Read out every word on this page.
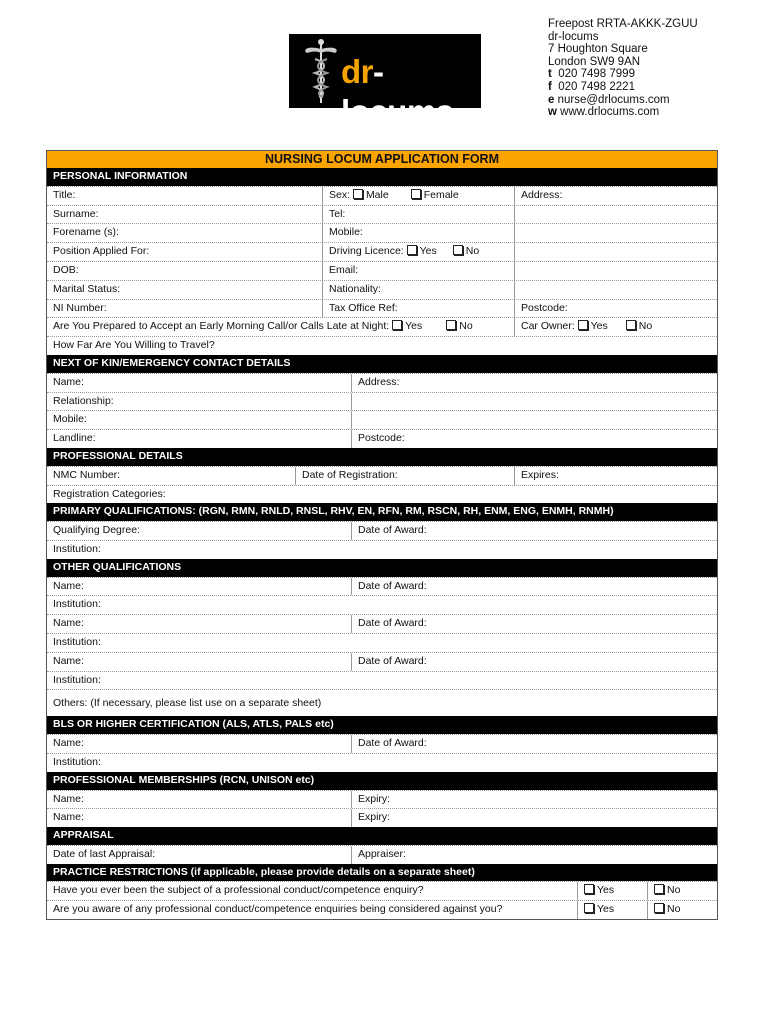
dr-locums
Freepost RRTA-AKKK-ZGUU
dr-locums
7 Houghton Square
London SW9 9AN
t 020 7498 7999
f 020 7498 2221
e nurse@drlocums.com
w www.drlocums.com
NURSING LOCUM APPLICATION FORM
PERSONAL INFORMATION
Title:	Sex: Male	Female	Address:
Surname:	Tel:
Forename (s):	Mobile:
Position Applied For:	Driving Licence: Yes	No
DOB:	Email:
Marital Status:	Nationality:
NI Number:	Tax Office Ref:	Postcode:
Are You Prepared to Accept an Early Morning Call/or Calls Late at Night: Yes	No	Car Owner: Yes	No
How Far Are You Willing to Travel?
NEXT OF KIN/EMERGENCY CONTACT DETAILS
Name:	Address:
Relationship:
Mobile:
Landline:	Postcode:
PROFESSIONAL DETAILS
NMC Number:	Date of Registration:	Expires:
Registration Categories:
PRIMARY QUALIFICATIONS: (RGN, RMN, RNLD, RNSL, RHV, EN, RFN, RM, RSCN, RH, ENM, ENG, ENMH, RNMH)
Qualifying Degree:	Date of Award:
Institution:
OTHER QUALIFICATIONS
Name:	Date of Award:
Institution:
Name:	Date of Award:
Institution:
Name:	Date of Award:
Institution:
Others: (If necessary, please list use on a separate sheet)
BLS OR HIGHER CERTIFICATION (ALS, ATLS, PALS etc)
Name:	Date of Award:
Institution:
PROFESSIONAL MEMBERSHIPS (RCN, UNISON etc)
Name:	Expiry:
Name:	Expiry:
APPRAISAL
Date of last Appraisal:	Appraiser:
PRACTICE RESTRICTIONS (if applicable, please provide details on a separate sheet)
Have you ever been the subject of a professional conduct/competence enquiry?	Yes	No
Are you aware of any professional conduct/competence enquiries being considered against you?	Yes	No
